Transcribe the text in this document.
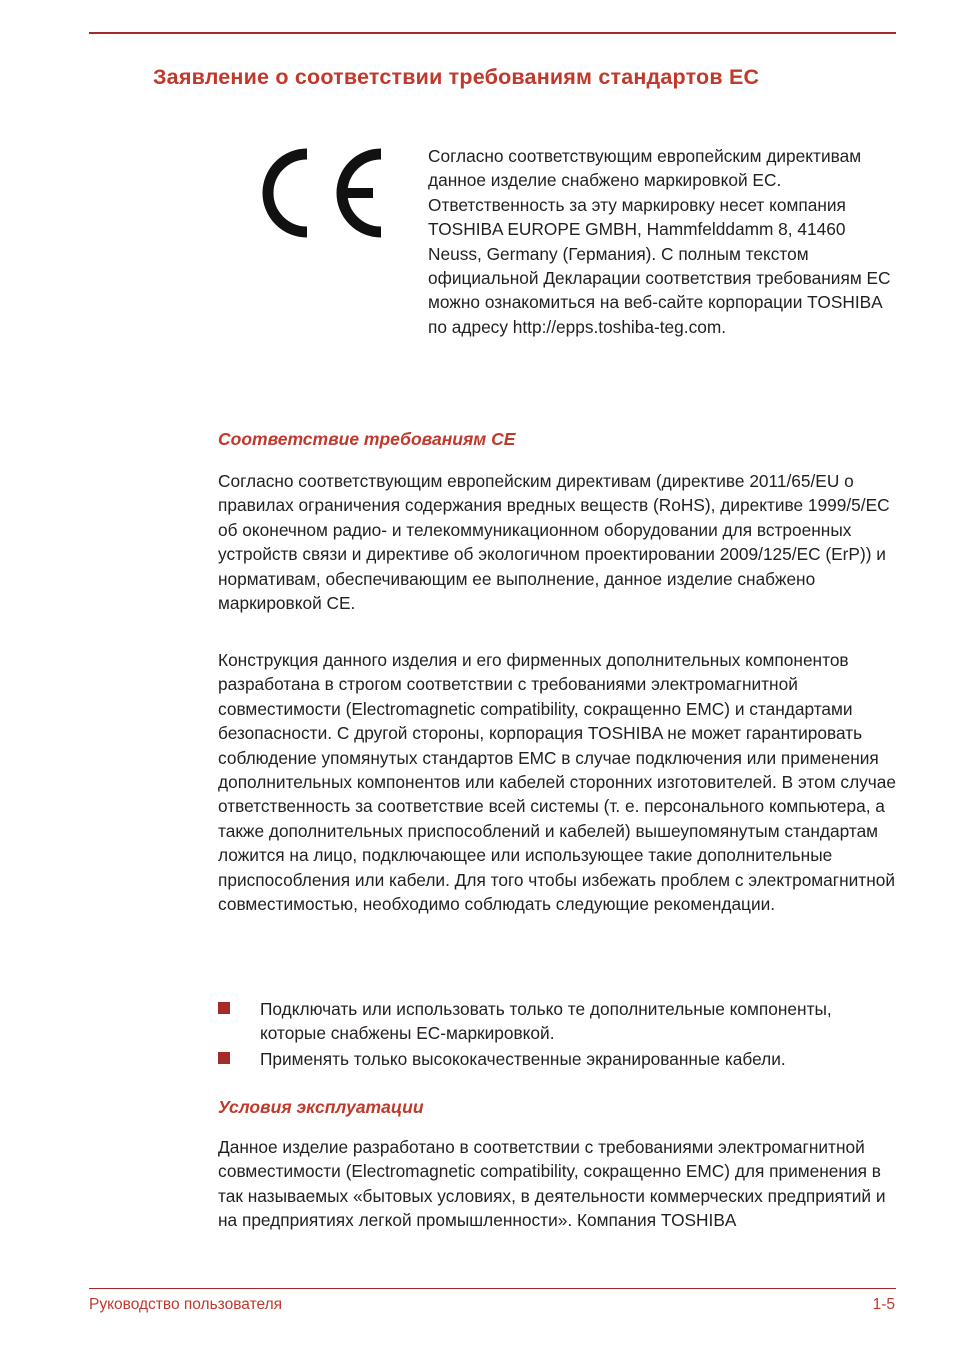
Заявление о соответствии требованиям стандартов ЕС

Согласно соответствующим европейским директивам данное изделие снабжено маркировкой ЕС. Ответственность за эту маркировку несет компания TOSHIBA EUROPE GMBH, Hammfelddamm 8, 41460 Neuss, Germany (Германия). С полным текстом официальной Декларации соответствия требованиям ЕС можно ознакомиться на веб-сайте корпорации TOSHIBA по адресу http://epps.toshiba-teg.com.

Соответствие требованиям CE

Согласно соответствующим европейским директивам (директиве 2011/65/EU о правилах ограничения содержания вредных веществ (RoHS), директиве 1999/5/EC об оконечном радио- и телекоммуникационном оборудовании для встроенных устройств связи и директиве об экологичном проектировании 2009/125/EC (ErP)) и нормативам, обеспечивающим ее выполнение, данное изделие снабжено маркировкой CE.

Конструкция данного изделия и его фирменных дополнительных компонентов разработана в строгом соответствии с требованиями электромагнитной совместимости (Electromagnetic compatibility, сокращенно EMC) и стандартами безопасности. С другой стороны, корпорация TOSHIBA не может гарантировать соблюдение упомянутых стандартов EMC в случае подключения или применения дополнительных компонентов или кабелей сторонних изготовителей. В этом случае ответственность за соответствие всей системы (т. е. персонального компьютера, а также дополнительных приспособлений и кабелей) вышеупомянутым стандартам ложится на лицо, подключающее или использующее такие дополнительные приспособления или кабели. Для того чтобы избежать проблем с электромагнитной совместимостью, необходимо соблюдать следующие рекомендации.

Подключать или использовать только те дополнительные компоненты, которые снабжены EC-маркировкой.
Применять только высококачественные экранированные кабели.
Условия эксплуатации

Данное изделие разработано в соответствии с требованиями электромагнитной совместимости (Electromagnetic compatibility, сокращенно EMC) для применения в так называемых «бытовых условиях, в деятельности коммерческих предприятий и на предприятиях легкой промышленности». Компания TOSHIBA

Руководство пользователя	1-5
